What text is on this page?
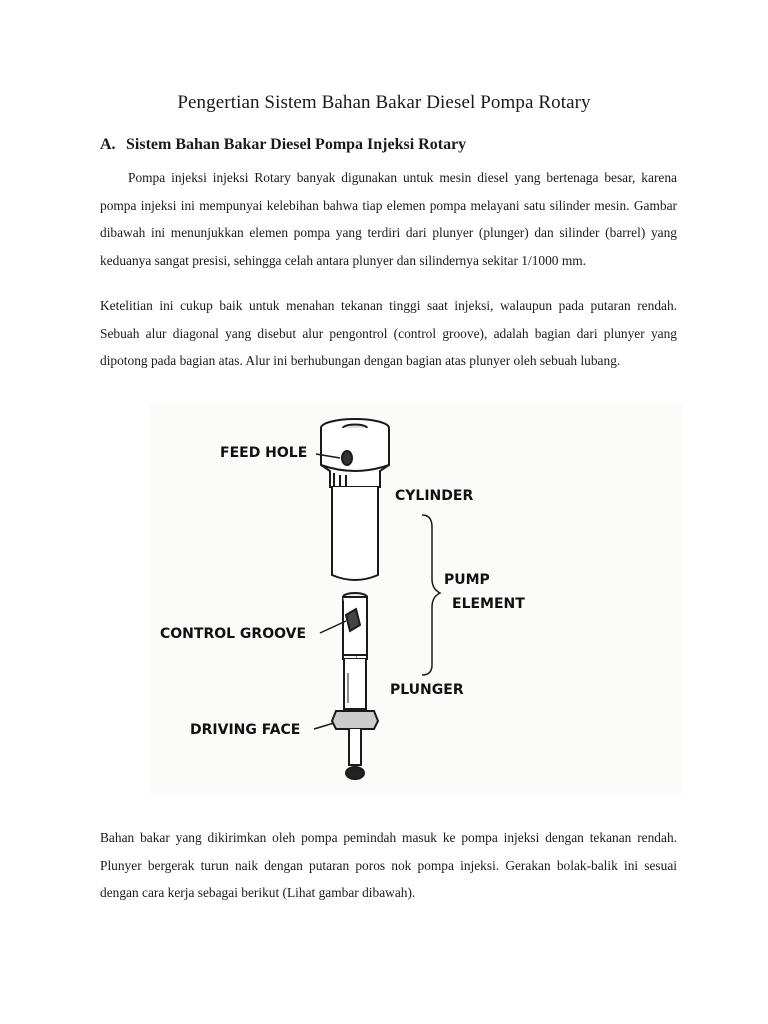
Pengertian Sistem Bahan Bakar Diesel Pompa Rotary
A. Sistem Bahan Bakar Diesel Pompa Injeksi Rotary

Pompa injeksi injeksi Rotary banyak digunakan untuk mesin diesel yang bertenaga besar, karena pompa injeksi ini mempunyai kelebihan bahwa tiap elemen pompa melayani satu silinder mesin. Gambar dibawah ini menunjukkan elemen pompa yang terdiri dari plunyer (plunger) dan silinder (barrel) yang keduanya sangat presisi, sehingga celah antara plunyer dan silindernya sekitar 1/1000 mm.

Ketelitian ini cukup baik untuk menahan tekanan tinggi saat injeksi, walaupun pada putaran rendah. Sebuah alur diagonal yang disebut alur pengontrol (control groove), adalah bagian dari plunyer yang dipotong pada bagian atas. Alur ini berhubungan dengan bagian atas plunyer oleh sebuah lubang.

FEED HOLE
CYLINDER
PUMP
ELEMENT
CONTROL GROOVE
PLUNGER
DRIVING FACE

Bahan bakar yang dikirimkan oleh pompa pemindah masuk ke pompa injeksi dengan tekanan rendah. Plunyer bergerak turun naik dengan putaran poros nok pompa injeksi. Gerakan bolak-balik ini sesuai dengan cara kerja sebagai berikut (Lihat gambar dibawah).
